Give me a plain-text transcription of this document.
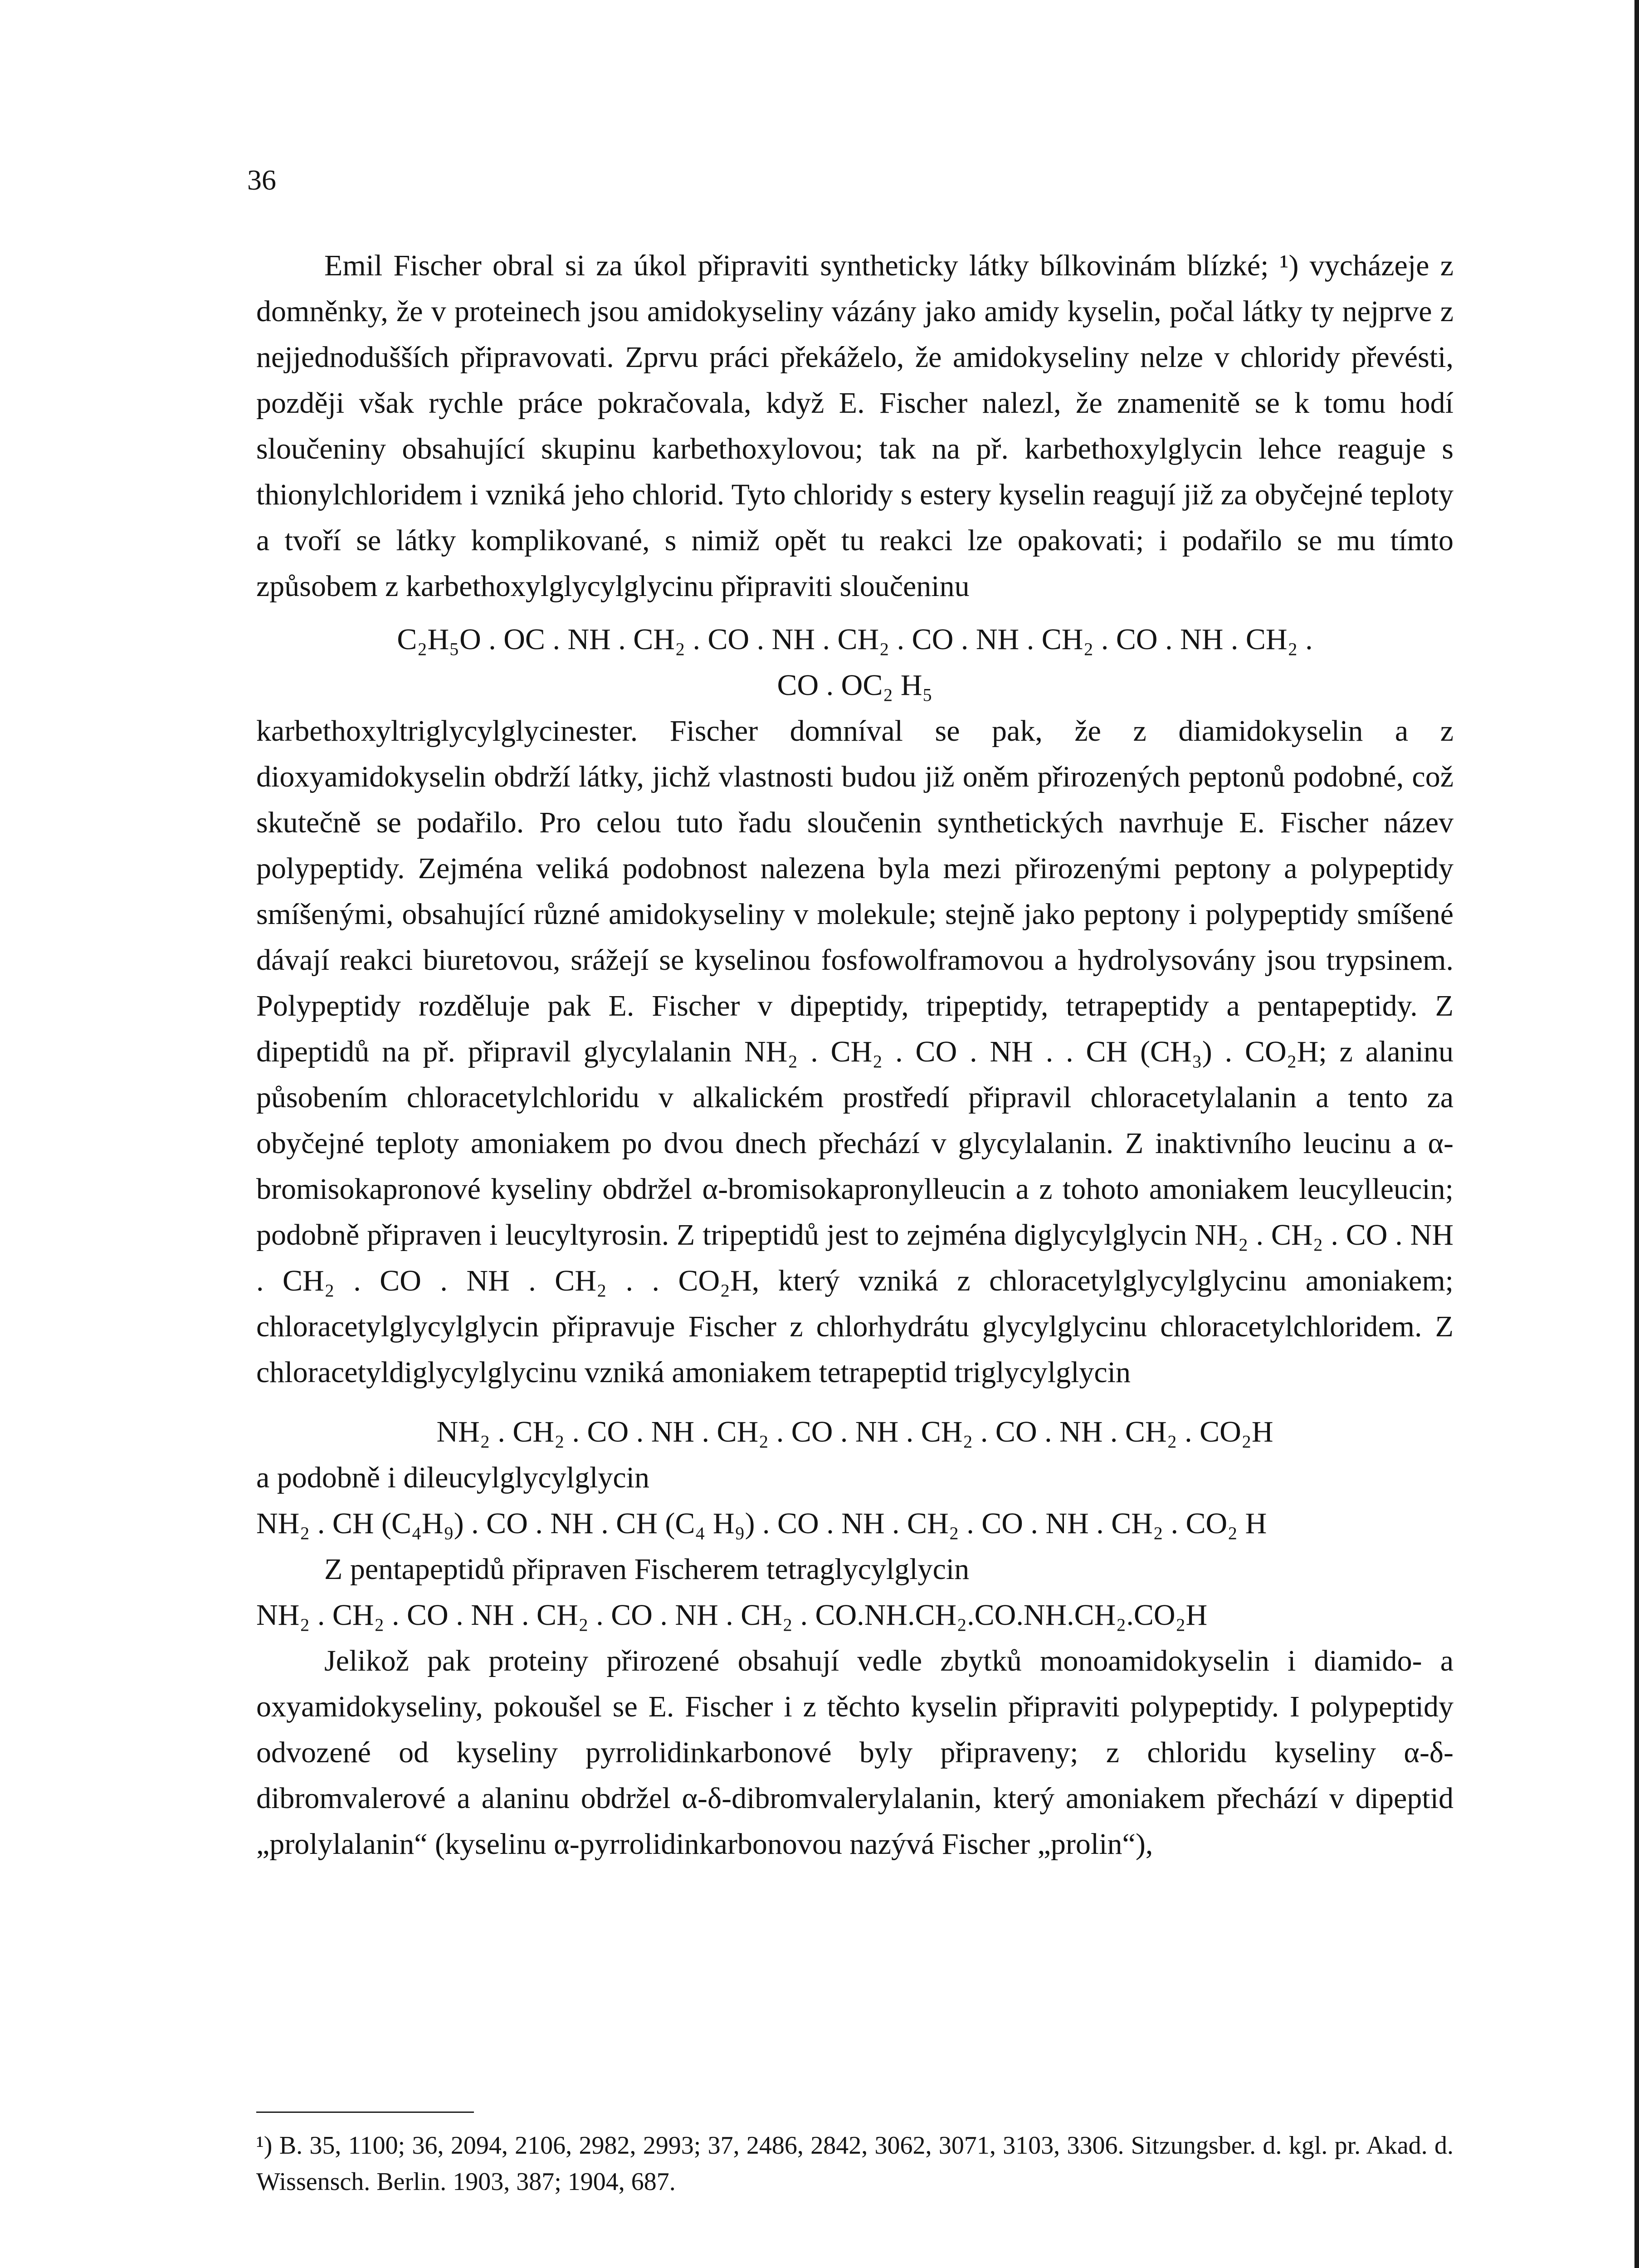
36

Emil Fischer obral si za úkol připraviti syntheticky látky bílkovinám blízké; ¹) vycházeje z domněnky, že v proteinech jsou amidokyseliny vázány jako amidy kyselin, počal látky ty nejprve z nejjednodušších připravovati. Zprvu práci překáželo, že amidokyseliny nelze v chloridy převésti, později však rychle práce pokračovala, když E. Fischer nalezl, že znamenitě se k tomu hodí sloučeniny obsahující skupinu karbethoxylovou; tak na př. karbethoxylglycin lehce reaguje s thionylchloridem i vzniká jeho chlorid. Tyto chloridy s estery kyselin reagují již za obyčejné teploty a tvoří se látky komplikované, s nimiž opět tu reakci lze opakovati; i podařilo se mu tímto způsobem z karbethoxylglycylglycinu připraviti sloučeninu

C₂H₅O . OC . NH . CH₂ . CO . NH . CH₂ . CO . NH . CH₂ . CO . NH . CH₂ .

CO . OC₂ H₅

karbethoxyltriglycylglycinester. Fischer domníval se pak, že z diamidokyselin a z dioxyamidokyselin obdrží látky, jichž vlastnosti budou již oněm přirozených peptonů podobné, což skutečně se podařilo. Pro celou tuto řadu sloučenin synthetických navrhuje E. Fischer název polypeptidy. Zejména veliká podobnost nalezena byla mezi přirozenými peptony a polypeptidy smíšenými, obsahující různé amidokyseliny v molekule; stejně jako peptony i polypeptidy smíšené dávají reakci biuretovou, srážejí se kyselinou fosfowolframovou a hydrolysovány jsou trypsinem. Polypeptidy rozděluje pak E. Fischer v dipeptidy, tripeptidy, tetrapeptidy a pentapeptidy. Z dipeptidů na př. připravil glycylalanin NH₂ . CH₂ . CO . NH . . CH (CH₃) . CO₂H; z alaninu působením chloracetylchloridu v alkalickém prostředí připravil chloracetylalanin a tento za obyčejné teploty amoniakem po dvou dnech přechází v glycylalanin. Z inaktivního leucinu a α-bromisokapronové kyseliny obdržel α-bromisokapronylleucin a z tohoto amoniakem leucylleucin; podobně připraven i leucyltyrosin. Z tripeptidů jest to zejména diglycylglycin NH₂ . CH₂ . CO . NH . CH₂ . CO . NH . CH₂ . . CO₂H, který vzniká z chloracetylglycylglycinu amoniakem; chloracetylglycylglycin připravuje Fischer z chlorhydrátu glycylglycinu chloracetylchloridem. Z chloracetyldiglycylglycinu vzniká amoniakem tetrapeptid triglycylglycin

NH₂ . CH₂ . CO . NH . CH₂ . CO . NH . CH₂ . CO . NH . CH₂ . CO₂H

a podobně i dileucylglycylglycin

NH₂ . CH (C₄H₉) . CO . NH . CH (C₄ H₉) . CO . NH . CH₂ . CO . NH . CH₂ . CO₂ H

Z pentapeptidů připraven Fischerem tetraglycylglycin

NH₂ . CH₂ . CO . NH . CH₂ . CO . NH . CH₂ . CO.NH.CH₂.CO.NH.CH₂.CO₂H

Jelikož pak proteiny přirozené obsahují vedle zbytků monoamidokyselin i diamido- a oxyamidokyseliny, pokoušel se E. Fischer i z těchto kyselin připraviti polypeptidy. I polypeptidy odvozené od kyseliny pyrrolidinkarbonové byly připraveny; z chloridu kyseliny α-δ-dibromvalerové a alaninu obdržel α-δ-dibromvalerylalanin, který amoniakem přechází v dipeptid „prolylalanin“ (kyselinu α-pyrrolidinkarbonovou nazývá Fischer „prolin“),

¹) B. 35, 1100; 36, 2094, 2106, 2982, 2993; 37, 2486, 2842, 3062, 3071, 3103, 3306. Sitzungsber. d. kgl. pr. Akad. d. Wissensch. Berlin. 1903, 387; 1904, 687.
